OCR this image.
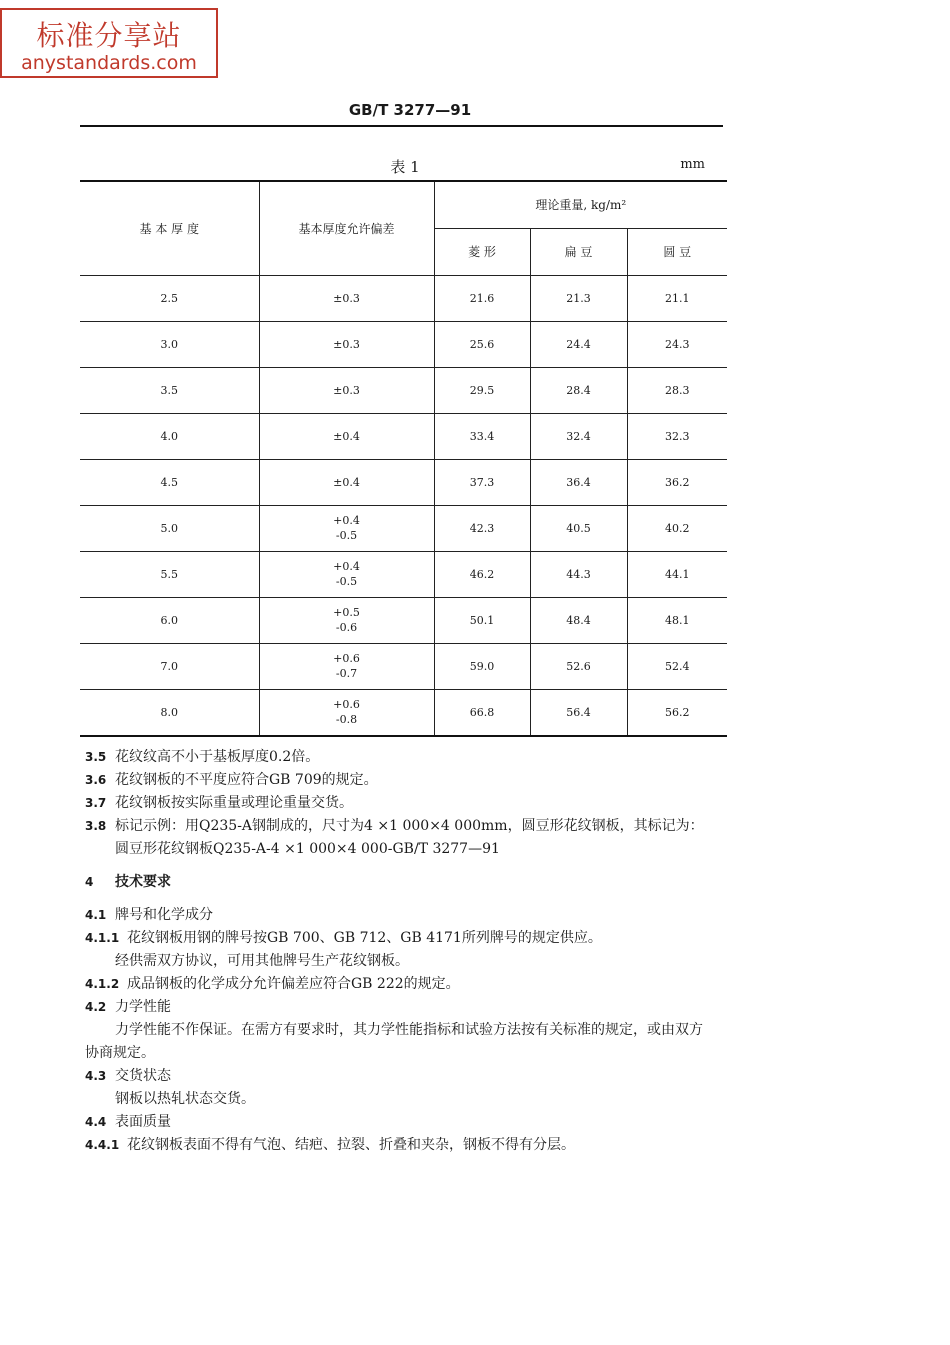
标准分享站
anystandards.com
GB/T 3277—91
表 1	mm
基 本 厚 度	基本厚度允许偏差	理论重量, kg/m²		
		菱 形	扁 豆	圆 豆
2.5	±0.3	21.6	21.3	21.1
3.0	±0.3	25.6	24.4	24.3
3.5	±0.3	29.5	28.4	28.3
4.0	±0.4	33.4	32.4	32.3
4.5	±0.4	37.3	36.4	36.2
5.0	+0.4
-0.5	42.3	40.5	40.2
5.5	+0.4
-0.5	46.2	44.3	44.1
6.0	+0.5
-0.6	50.1	48.4	48.1
7.0	+0.6
-0.7	59.0	52.6	52.4
8.0	+0.6
-0.8	66.8	56.4	56.2
3.5 花纹纹高不小于基板厚度0.2倍。
3.6 花纹钢板的不平度应符合GB 709的规定。
3.7 花纹钢板按实际重量或理论重量交货。
3.8 标记示例：用Q235-A钢制成的，尺寸为4 ×1 000×4 000mm，圆豆形花纹钢板，其标记为：
圆豆形花纹钢板Q235-A-4 ×1 000×4 000-GB/T 3277—91
4 技术要求
4.1 牌号和化学成分
4.1.1 花纹钢板用钢的牌号按GB 700、GB 712、GB 4171所列牌号的规定供应。
经供需双方协议，可用其他牌号生产花纹钢板。
4.1.2 成品钢板的化学成分允许偏差应符合GB 222的规定。
4.2 力学性能
力学性能不作保证。在需方有要求时，其力学性能指标和试验方法按有关标准的规定，或由双方
协商规定。
4.3 交货状态
钢板以热轧状态交货。
4.4 表面质量
4.4.1 花纹钢板表面不得有气泡、结疤、拉裂、折叠和夹杂，钢板不得有分层。
